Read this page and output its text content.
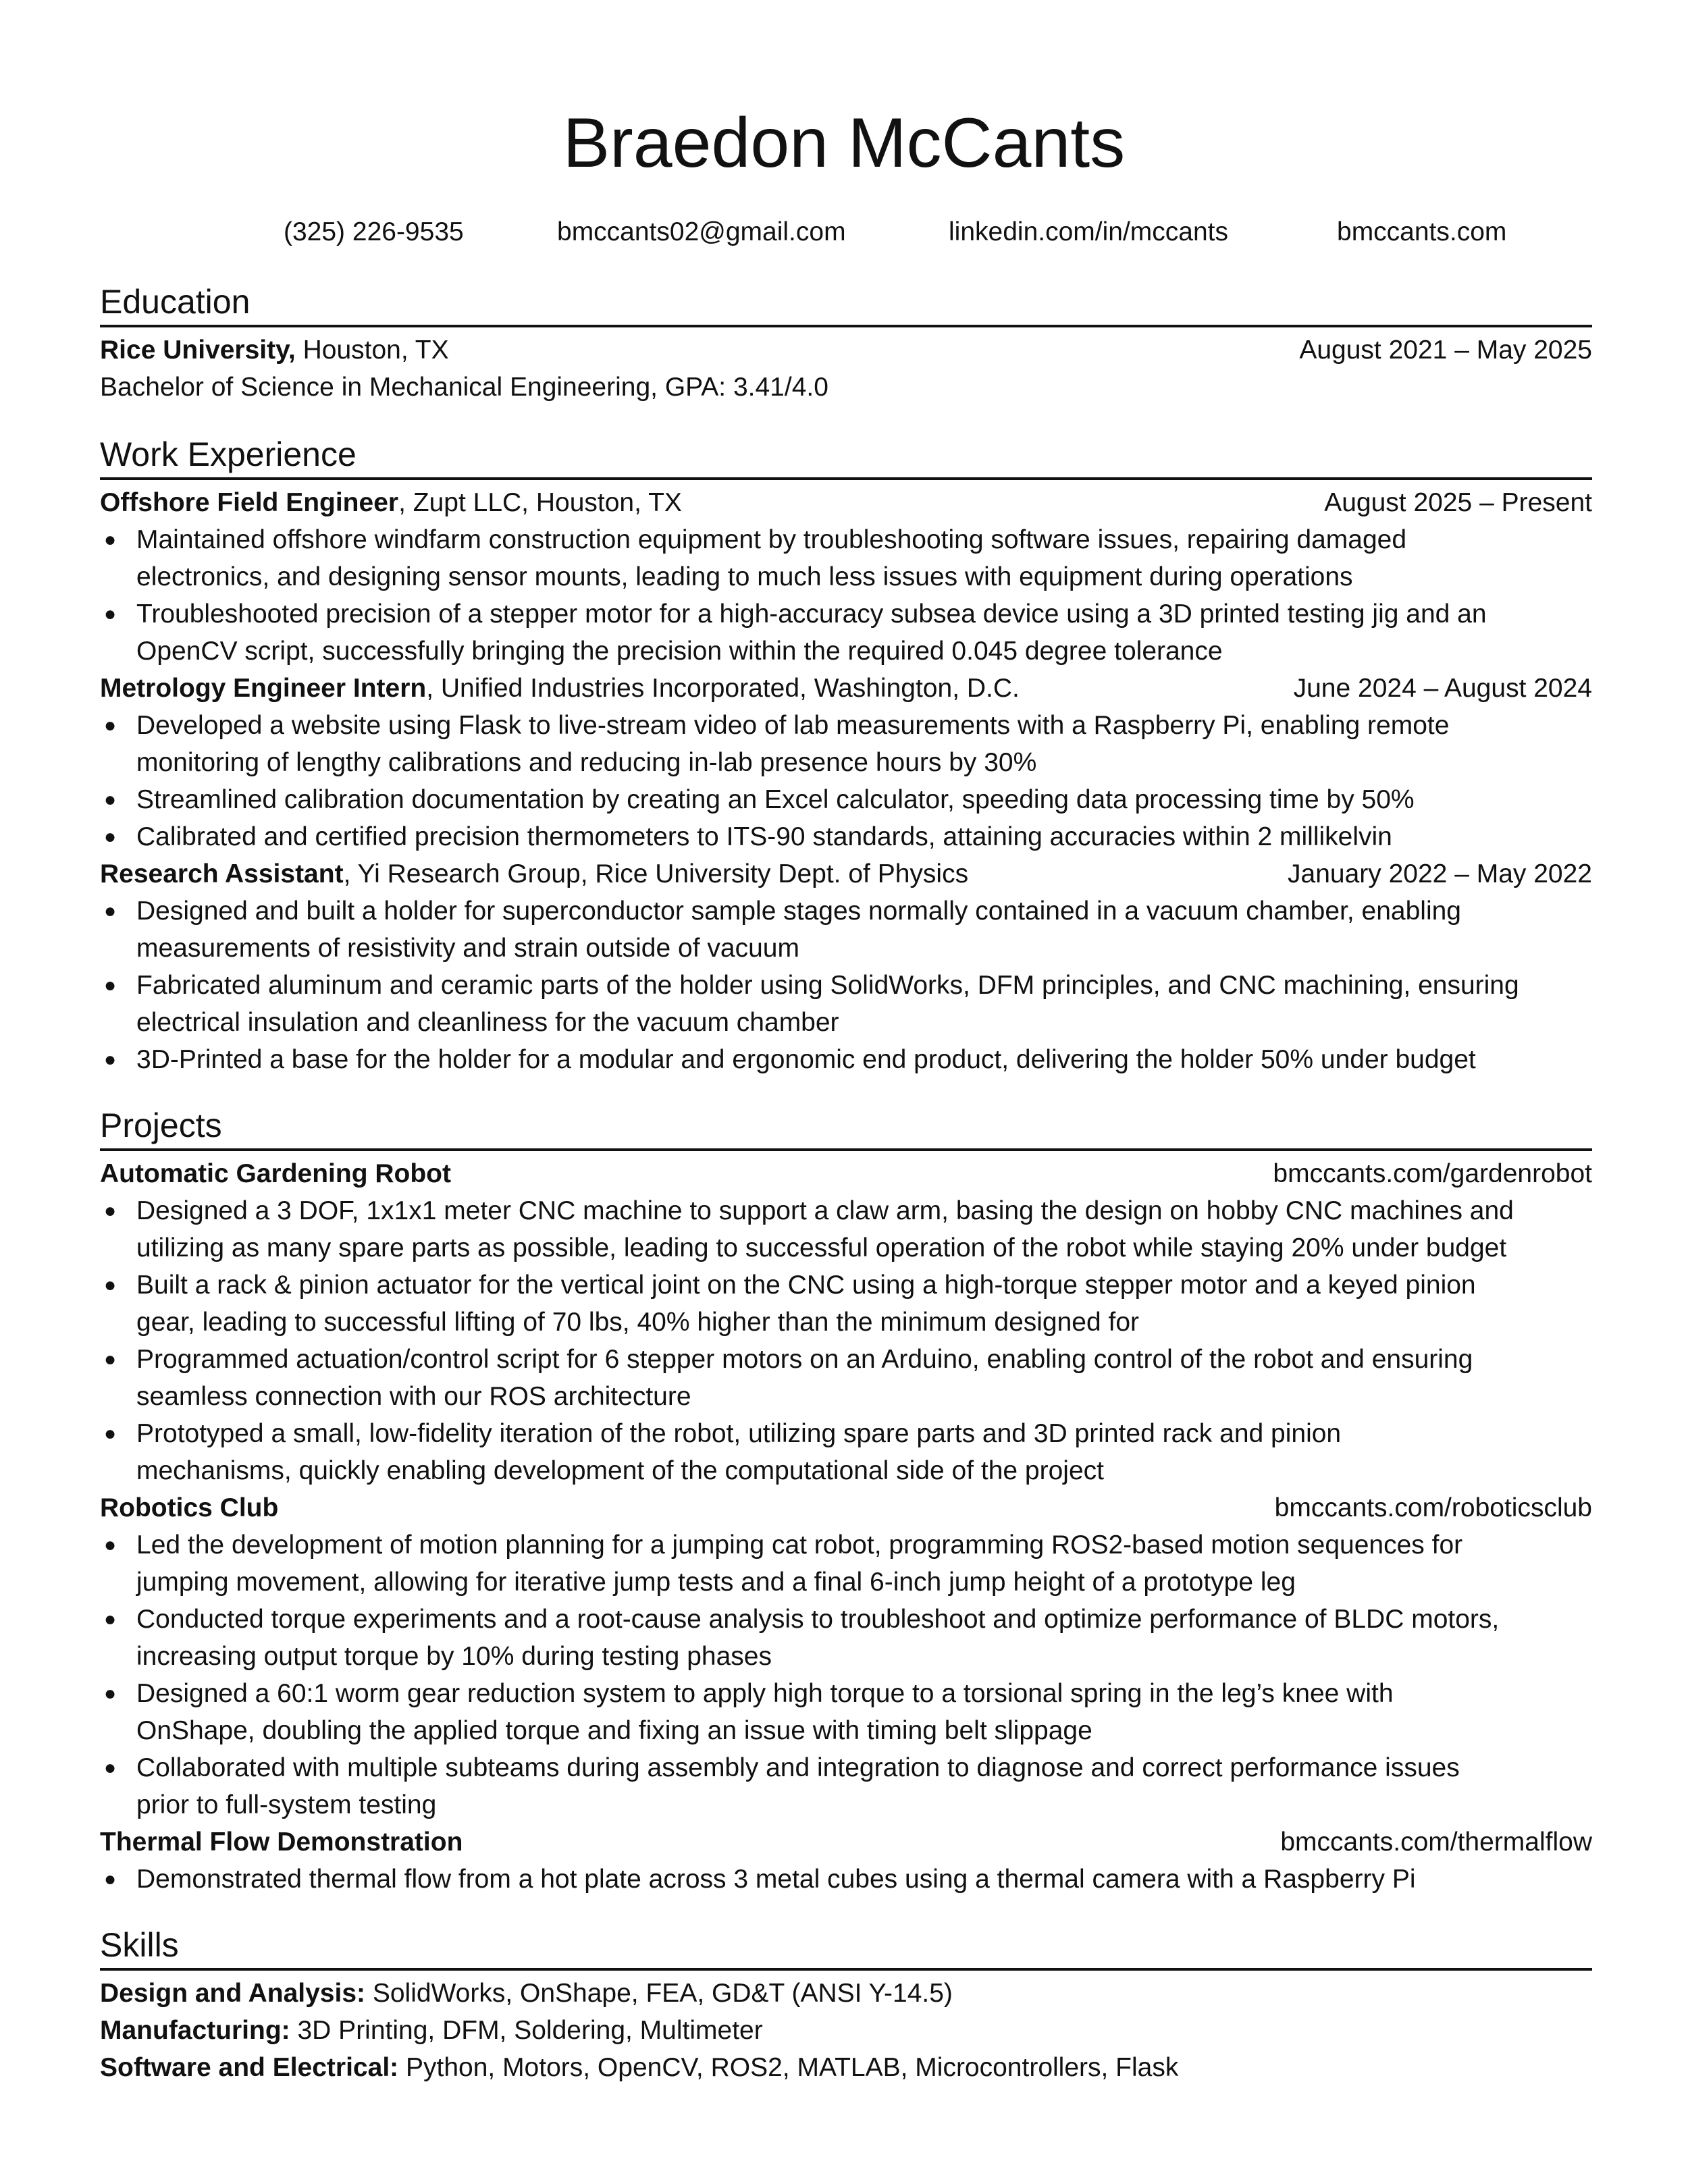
Braedon McCants
(325) 226-9535	bmccants02@gmail.com	linkedin.com/in/mccants	bmccants.com
Education
Rice University, Houston, TX	August 2021 – May 2025
Bachelor of Science in Mechanical Engineering, GPA: 3.41/4.0
Work Experience
Offshore Field Engineer, Zupt LLC, Houston, TX	August 2025 – Present
● Maintained offshore windfarm construction equipment by troubleshooting software issues, repairing damaged
electronics, and designing sensor mounts, leading to much less issues with equipment during operations
● Troubleshooted precision of a stepper motor for a high-accuracy subsea device using a 3D printed testing jig and an
OpenCV script, successfully bringing the precision within the required 0.045 degree tolerance
Metrology Engineer Intern, Unified Industries Incorporated, Washington, D.C.	June 2024 – August 2024
● Developed a website using Flask to live-stream video of lab measurements with a Raspberry Pi, enabling remote
monitoring of lengthy calibrations and reducing in-lab presence hours by 30%
● Streamlined calibration documentation by creating an Excel calculator, speeding data processing time by 50%
● Calibrated and certified precision thermometers to ITS-90 standards, attaining accuracies within 2 millikelvin
Research Assistant, Yi Research Group, Rice University Dept. of Physics	January 2022 – May 2022
● Designed and built a holder for superconductor sample stages normally contained in a vacuum chamber, enabling
measurements of resistivity and strain outside of vacuum
● Fabricated aluminum and ceramic parts of the holder using SolidWorks, DFM principles, and CNC machining, ensuring
electrical insulation and cleanliness for the vacuum chamber
● 3D-Printed a base for the holder for a modular and ergonomic end product, delivering the holder 50% under budget
Projects
Automatic Gardening Robot	bmccants.com/gardenrobot
● Designed a 3 DOF, 1x1x1 meter CNC machine to support a claw arm, basing the design on hobby CNC machines and
utilizing as many spare parts as possible, leading to successful operation of the robot while staying 20% under budget
● Built a rack & pinion actuator for the vertical joint on the CNC using a high-torque stepper motor and a keyed pinion
gear, leading to successful lifting of 70 lbs, 40% higher than the minimum designed for
● Programmed actuation/control script for 6 stepper motors on an Arduino, enabling control of the robot and ensuring
seamless connection with our ROS architecture
● Prototyped a small, low-fidelity iteration of the robot, utilizing spare parts and 3D printed rack and pinion
mechanisms, quickly enabling development of the computational side of the project
Robotics Club	bmccants.com/roboticsclub
● Led the development of motion planning for a jumping cat robot, programming ROS2-based motion sequences for
jumping movement, allowing for iterative jump tests and a final 6-inch jump height of a prototype leg
● Conducted torque experiments and a root-cause analysis to troubleshoot and optimize performance of BLDC motors,
increasing output torque by 10% during testing phases
● Designed a 60:1 worm gear reduction system to apply high torque to a torsional spring in the leg’s knee with
OnShape, doubling the applied torque and fixing an issue with timing belt slippage
● Collaborated with multiple subteams during assembly and integration to diagnose and correct performance issues
prior to full-system testing
Thermal Flow Demonstration	bmccants.com/thermalflow
● Demonstrated thermal flow from a hot plate across 3 metal cubes using a thermal camera with a Raspberry Pi
Skills
Design and Analysis: SolidWorks, OnShape, FEA, GD&T (ANSI Y-14.5)
Manufacturing: 3D Printing, DFM, Soldering, Multimeter
Software and Electrical: Python, Motors, OpenCV, ROS2, MATLAB, Microcontrollers, Flask
